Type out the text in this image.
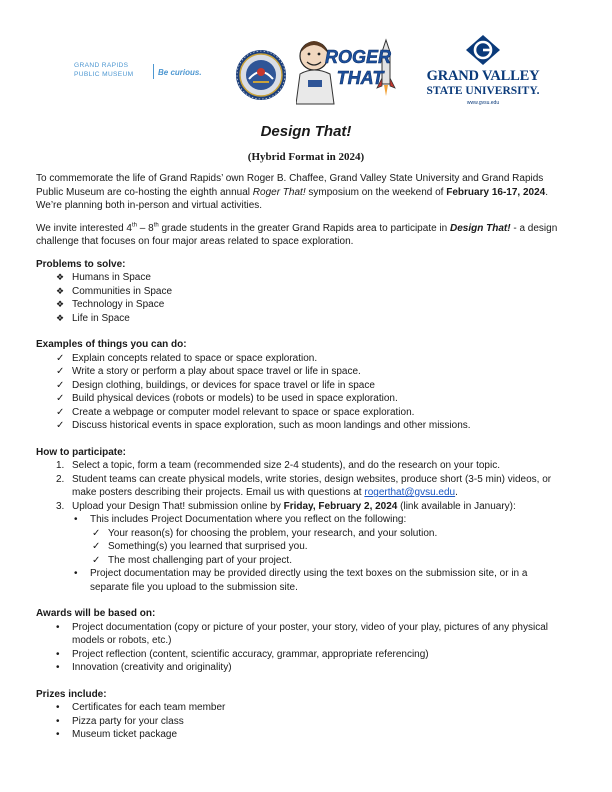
GRAND RAPIDS
PUBLIC MUSEUM	Be curious.
ROGER
THAT	GRAND VALLEY
STATE UNIVERSITY.
www.gvsu.edu
Design That!
(Hybrid Format in 2024)

To commemorate the life of Grand Rapids’ own Roger B. Chaffee, Grand Valley State University and Grand Rapids Public Museum are co-hosting the eighth annual Roger That! symposium on the weekend of February 16-17, 2024. We’re planning both in-person and virtual activities.

We invite interested 4th – 8th grade students in the greater Grand Rapids area to participate in Design That! - a design challenge that focuses on four major areas related to space exploration.

Problems to solve:
❖ Humans in Space
❖ Communities in Space
❖ Technology in Space
❖ Life in Space
Examples of things you can do:
✓ Explain concepts related to space or space exploration.
✓ Write a story or perform a play about space travel or life in space.
✓ Design clothing, buildings, or devices for space travel or life in space
✓ Build physical devices (robots or models) to be used in space exploration.
✓ Create a webpage or computer model relevant to space or space exploration.
✓ Discuss historical events in space exploration, such as moon landings and other missions.
How to participate:
1. Select a topic, form a team (recommended size 2-4 students), and do the research on your topic.
2. Student teams can create physical models, write stories, design websites, produce short (3-5 min) videos, or make posters describing their projects. Email us with questions at rogerthat@gvsu.edu.
3. Upload your Design That! submission online by Friday, February 2, 2024 (link available in January):
• This includes Project Documentation where you reflect on the following:
✓ Your reason(s) for choosing the problem, your research, and your solution.
✓ Something(s) you learned that surprised you.
✓ The most challenging part of your project.
• Project documentation may be provided directly using the text boxes on the submission site, or in a separate file you upload to the submission site.
Awards will be based on:
• Project documentation (copy or picture of your poster, your story, video of your play, pictures of any physical models or robots, etc.)
• Project reflection (content, scientific accuracy, grammar, appropriate referencing)
• Innovation (creativity and originality)
Prizes include:
• Certificates for each team member
• Pizza party for your class
• Museum ticket package
